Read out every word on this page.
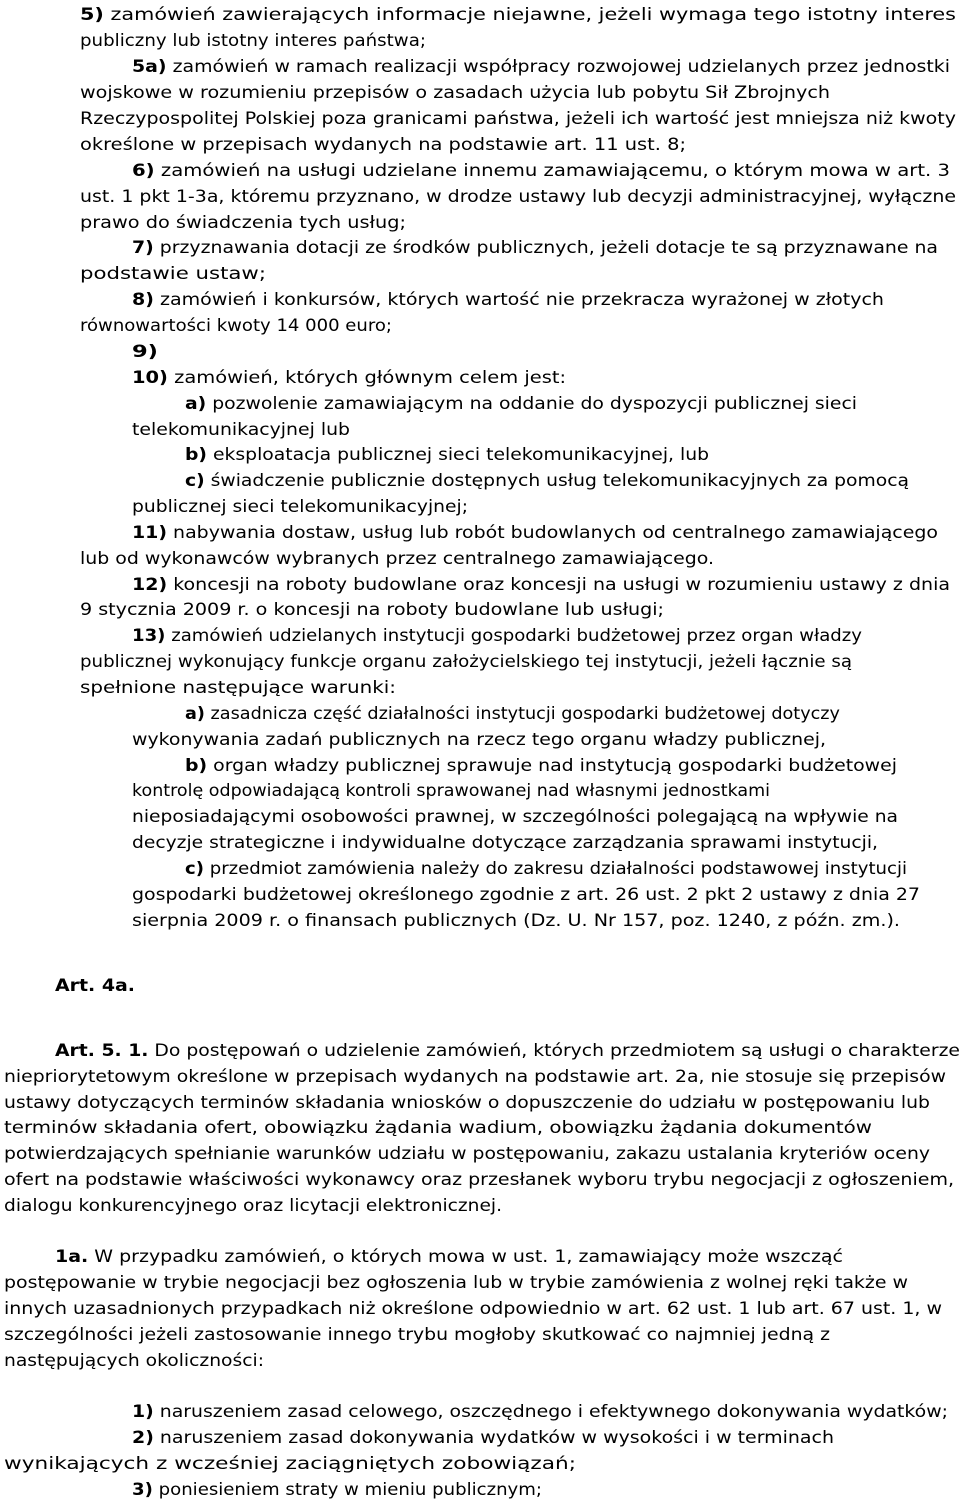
5) zamówień zawierających informacje niejawne, jeżeli wymaga tego istotny interes
publiczny lub istotny interes państwa;
5a) zamówień w ramach realizacji współpracy rozwojowej udzielanych przez jednostki
wojskowe w rozumieniu przepisów o zasadach użycia lub pobytu Sił Zbrojnych
Rzeczypospolitej Polskiej poza granicami państwa, jeżeli ich wartość jest mniejsza niż kwoty
określone w przepisach wydanych na podstawie art. 11 ust. 8;
6) zamówień na usługi udzielane innemu zamawiającemu, o którym mowa w art. 3
ust. 1 pkt 1-3a, któremu przyznano, w drodze ustawy lub decyzji administracyjnej, wyłączne
prawo do świadczenia tych usług;
7) przyznawania dotacji ze środków publicznych, jeżeli dotacje te są przyznawane na
podstawie ustaw;
8) zamówień i konkursów, których wartość nie przekracza wyrażonej w złotych
równowartości kwoty 14 000 euro;
9)
10) zamówień, których głównym celem jest:
a) pozwolenie zamawiającym na oddanie do dyspozycji publicznej sieci
telekomunikacyjnej lub
b) eksploatacja publicznej sieci telekomunikacyjnej, lub
c) świadczenie publicznie dostępnych usług telekomunikacyjnych za pomocą
publicznej sieci telekomunikacyjnej;
11) nabywania dostaw, usług lub robót budowlanych od centralnego zamawiającego
lub od wykonawców wybranych przez centralnego zamawiającego.
12) koncesji na roboty budowlane oraz koncesji na usługi w rozumieniu ustawy z dnia
9 stycznia 2009 r. o koncesji na roboty budowlane lub usługi;
13) zamówień udzielanych instytucji gospodarki budżetowej przez organ władzy
publicznej wykonujący funkcje organu założycielskiego tej instytucji, jeżeli łącznie są
spełnione następujące warunki:
a) zasadnicza część działalności instytucji gospodarki budżetowej dotyczy
wykonywania zadań publicznych na rzecz tego organu władzy publicznej,
b) organ władzy publicznej sprawuje nad instytucją gospodarki budżetowej
kontrolę odpowiadającą kontroli sprawowanej nad własnymi jednostkami
nieposiadającymi osobowości prawnej, w szczególności polegającą na wpływie na
decyzje strategiczne i indywidualne dotyczące zarządzania sprawami instytucji,
c) przedmiot zamówienia należy do zakresu działalności podstawowej instytucji
gospodarki budżetowej określonego zgodnie z art. 26 ust. 2 pkt 2 ustawy z dnia 27
sierpnia 2009 r. o finansach publicznych (Dz. U. Nr 157, poz. 1240, z późn. zm.).
Art. 4a.
Art. 5. 1. Do postępowań o udzielenie zamówień, których przedmiotem są usługi o charakterze
niepriorytetowym określone w przepisach wydanych na podstawie art. 2a, nie stosuje się przepisów
ustawy dotyczących terminów składania wniosków o dopuszczenie do udziału w postępowaniu lub
terminów składania ofert, obowiązku żądania wadium, obowiązku żądania dokumentów
potwierdzających spełnianie warunków udziału w postępowaniu, zakazu ustalania kryteriów oceny
ofert na podstawie właściwości wykonawcy oraz przesłanek wyboru trybu negocjacji z ogłoszeniem,
dialogu konkurencyjnego oraz licytacji elektronicznej.
1a. W przypadku zamówień, o których mowa w ust. 1, zamawiający może wszcząć
postępowanie w trybie negocjacji bez ogłoszenia lub w trybie zamówienia z wolnej ręki także w
innych uzasadnionych przypadkach niż określone odpowiednio w art. 62 ust. 1 lub art. 67 ust. 1, w
szczególności jeżeli zastosowanie innego trybu mogłoby skutkować co najmniej jedną z
następujących okoliczności:
1) naruszeniem zasad celowego, oszczędnego i efektywnego dokonywania wydatków;
2) naruszeniem zasad dokonywania wydatków w wysokości i w terminach
wynikających z wcześniej zaciągniętych zobowiązań;
3) poniesieniem straty w mieniu publicznym;
